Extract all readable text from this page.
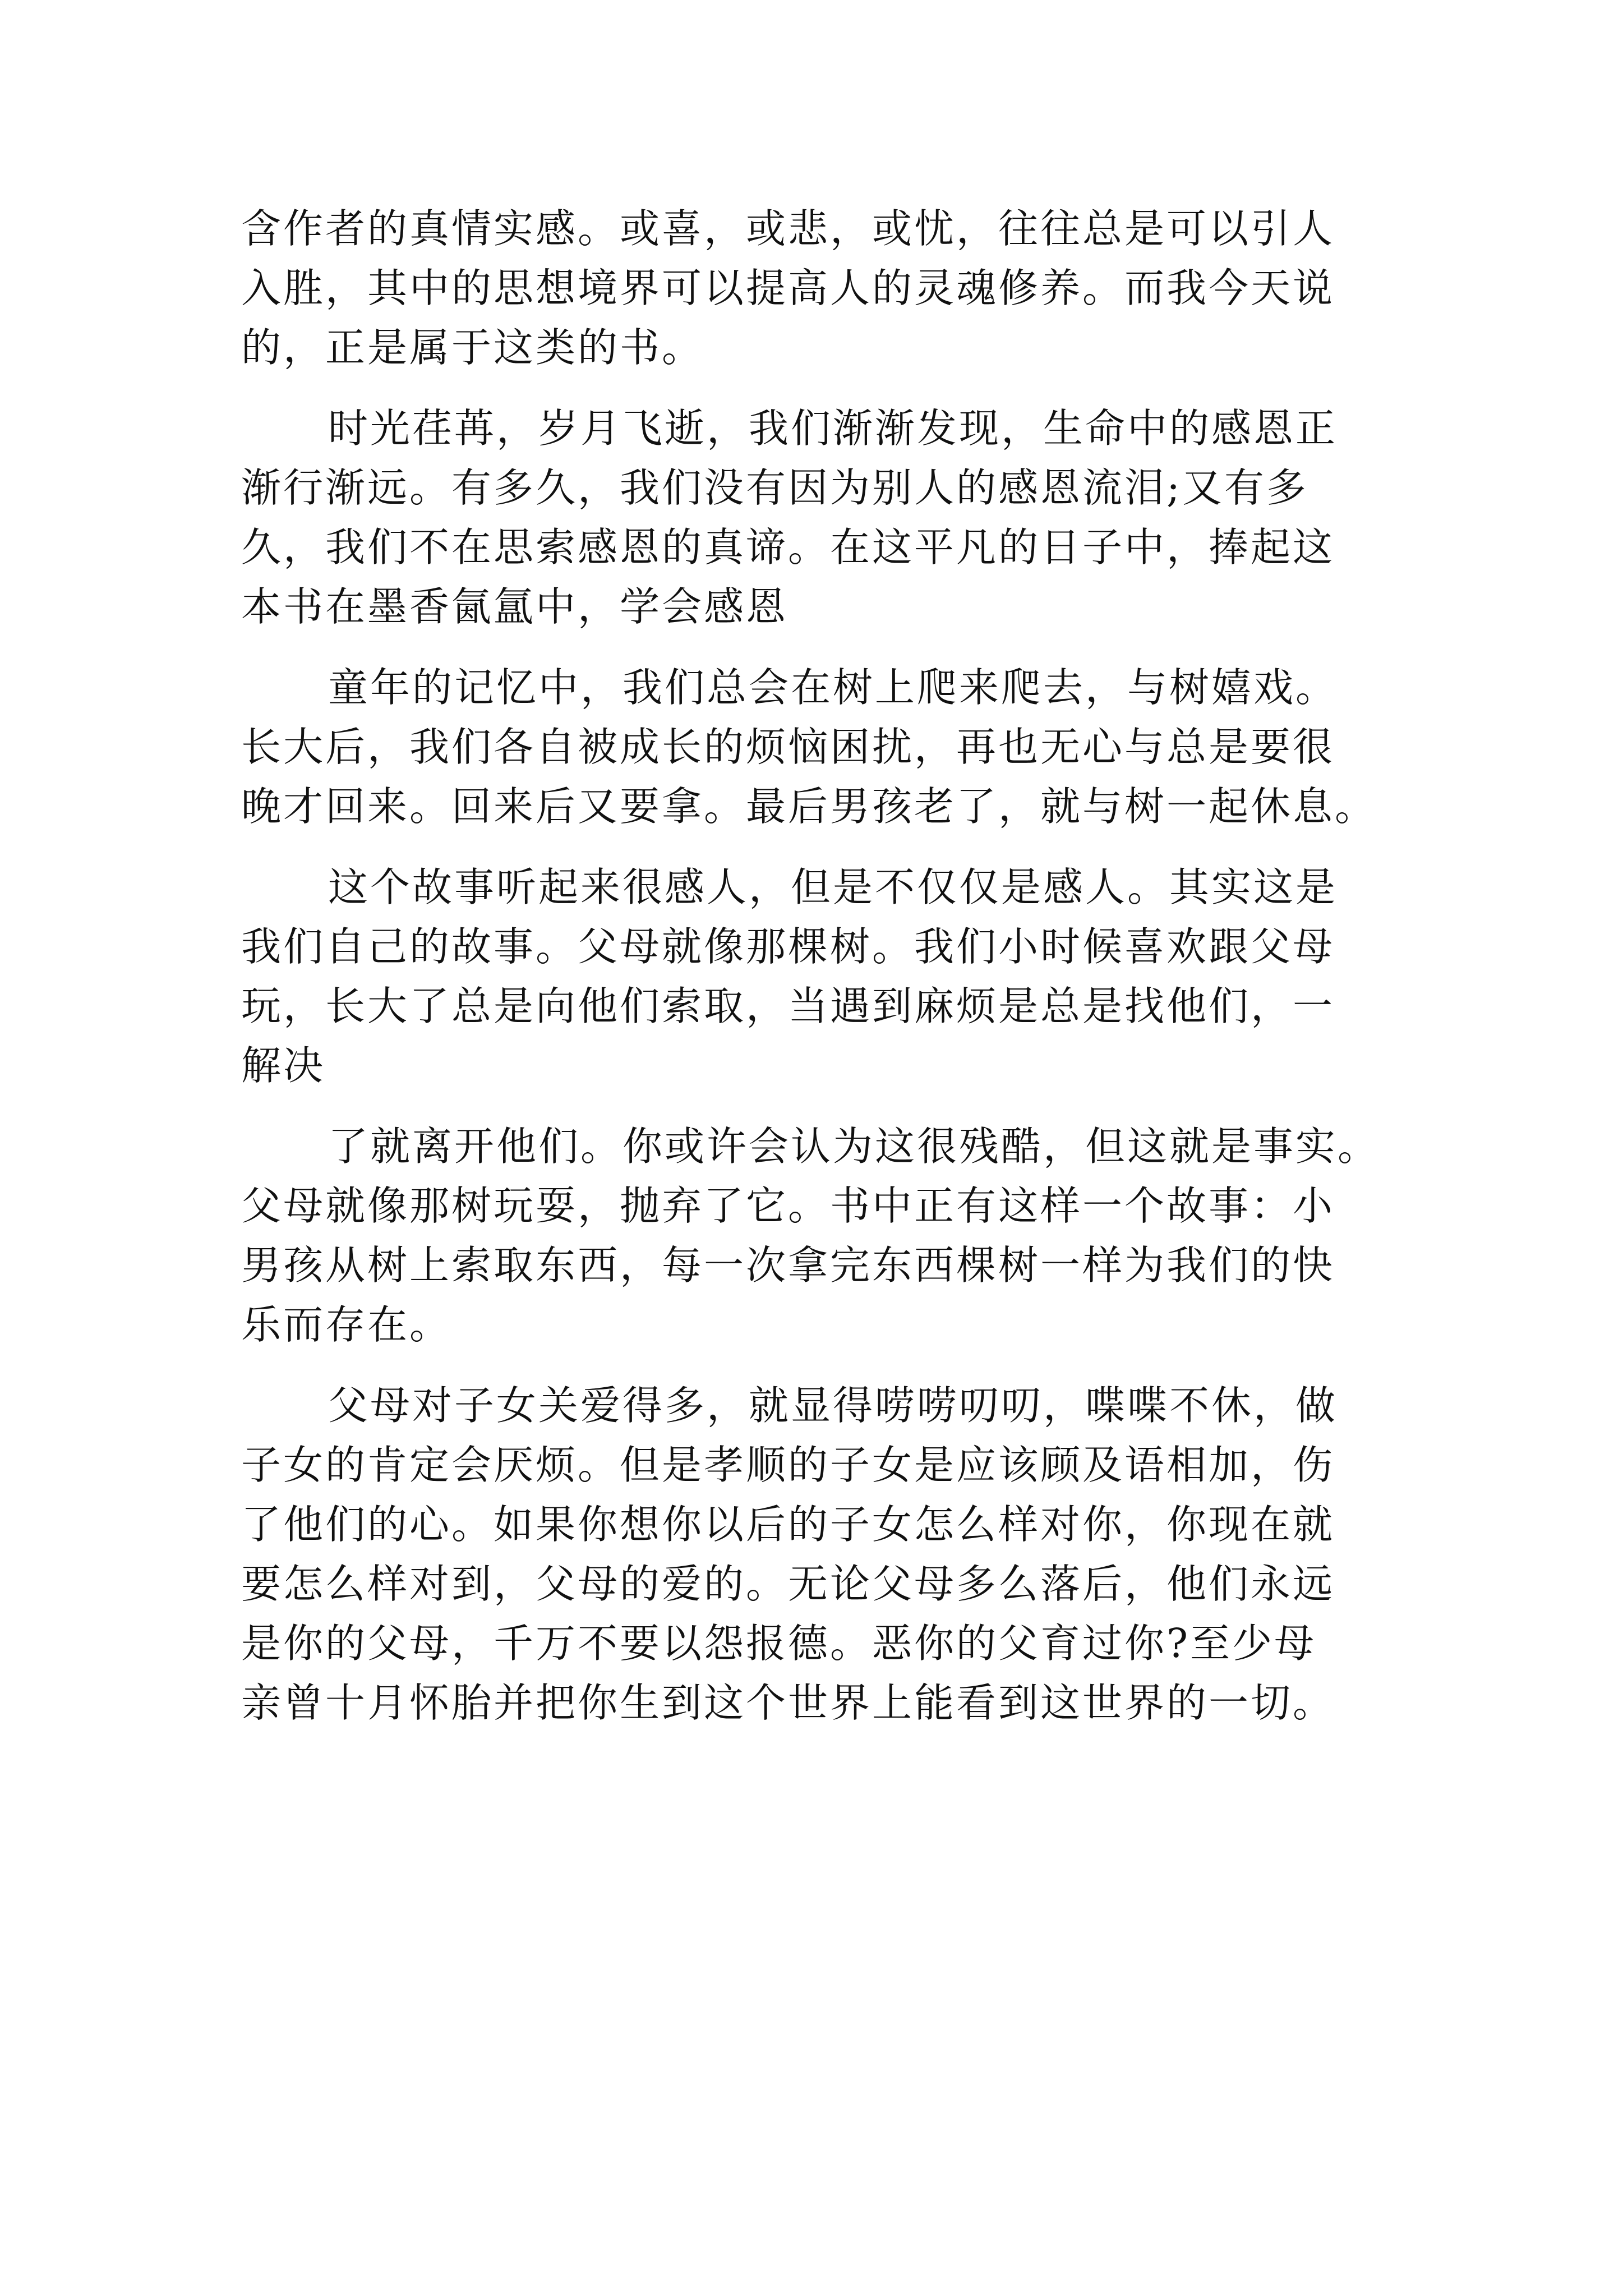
含作者的真情实感。或喜，或悲，或忧，往往总是可以引人
入胜，其中的思想境界可以提高人的灵魂修养。而我今天说
的，正是属于这类的书。
时光荏苒，岁月飞逝，我们渐渐发现，生命中的感恩正
渐行渐远。有多久，我们没有因为别人的感恩流泪;又有多
久，我们不在思索感恩的真谛。在这平凡的日子中，捧起这
本书在墨香氤氲中，学会感恩
童年的记忆中，我们总会在树上爬来爬去，与树嬉戏。
长大后，我们各自被成长的烦恼困扰，再也无心与总是要很
晚才回来。回来后又要拿。最后男孩老了，就与树一起休息。
这个故事听起来很感人，但是不仅仅是感人。其实这是
我们自己的故事。父母就像那棵树。我们小时候喜欢跟父母
玩，长大了总是向他们索取，当遇到麻烦是总是找他们，一
解决
了就离开他们。你或许会认为这很残酷，但这就是事实。
父母就像那树玩耍，抛弃了它。书中正有这样一个故事：小
男孩从树上索取东西，每一次拿完东西棵树一样为我们的快
乐而存在。
父母对子女关爱得多，就显得唠唠叨叨，喋喋不休，做
子女的肯定会厌烦。但是孝顺的子女是应该顾及语相加，伤
了他们的心。如果你想你以后的子女怎么样对你，你现在就
要怎么样对到，父母的爱的。无论父母多么落后，他们永远
是你的父母，千万不要以怨报德。恶你的父育过你?至少母
亲曾十月怀胎并把你生到这个世界上能看到这世界的一切。
